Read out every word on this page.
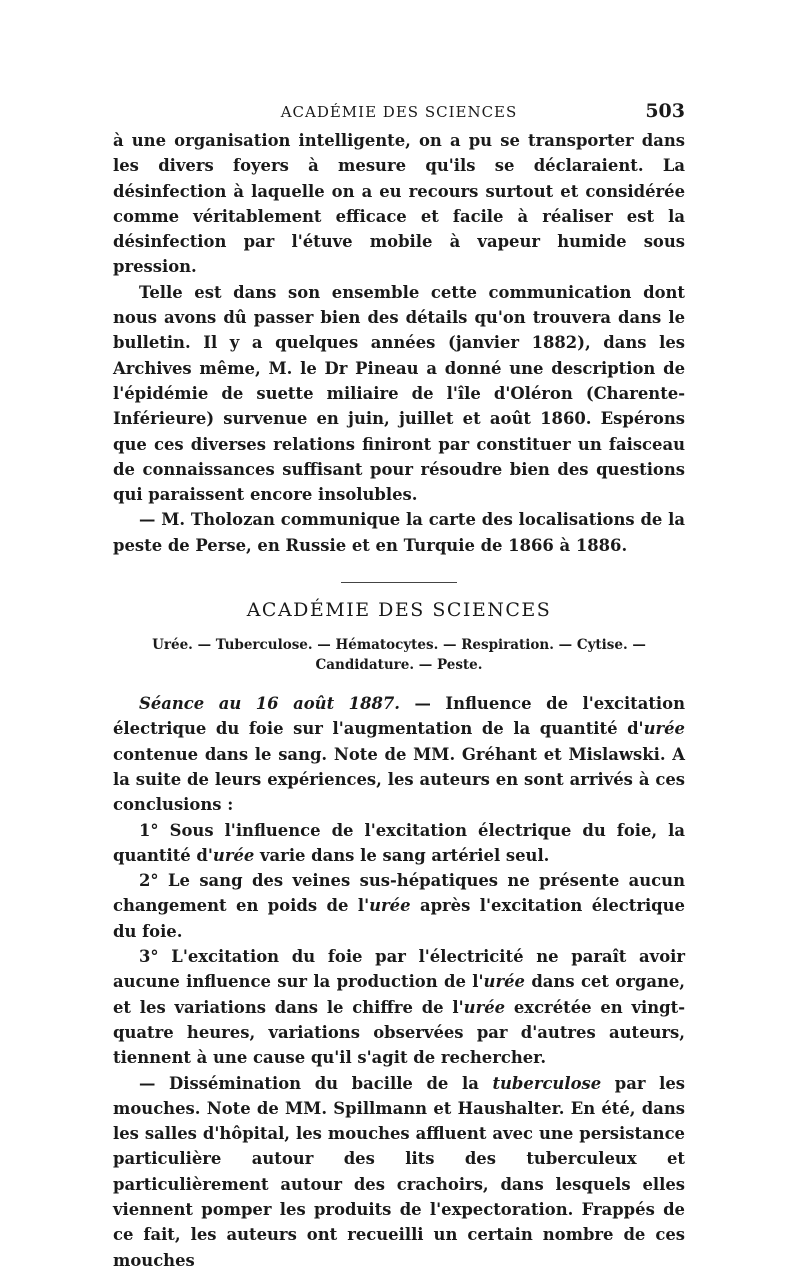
ACADÉMIE DES SCIENCES	503

à une organisation intelligente, on a pu se transporter dans les divers foyers à mesure qu'ils se déclaraient. La désinfection à laquelle on a eu recours surtout et considérée comme véritablement efficace et facile à réaliser est la désinfection par l'étuve mobile à vapeur humide sous pression.

Telle est dans son ensemble cette communication dont nous avons dû passer bien des détails qu'on trouvera dans le bulletin. Il y a quelques années (janvier 1882), dans les Archives même, M. le Dr Pineau a donné une description de l'épidémie de suette miliaire de l'île d'Oléron (Charente-Inférieure) survenue en juin, juillet et août 1860. Espérons que ces diverses relations finiront par constituer un faisceau de connaissances suffisant pour résoudre bien des questions qui paraissent encore insolubles.

— M. Tholozan communique la carte des localisations de la peste de Perse, en Russie et en Turquie de 1866 à 1886.

ACADÉMIE DES SCIENCES

Urée. — Tuberculose. — Hématocytes. — Respiration. — Cytise. — Candidature. — Peste.

Séance au 16 août 1887. — Influence de l'excitation électrique du foie sur l'augmentation de la quantité d'urée contenue dans le sang. Note de MM. Gréhant et Mislawski. A la suite de leurs expériences, les auteurs en sont arrivés à ces conclusions :

1° Sous l'influence de l'excitation électrique du foie, la quantité d'urée varie dans le sang artériel seul.

2° Le sang des veines sus-hépatiques ne présente aucun changement en poids de l'urée après l'excitation électrique du foie.

3° L'excitation du foie par l'électricité ne paraît avoir aucune influence sur la production de l'urée dans cet organe, et les variations dans le chiffre de l'urée excrétée en vingt-quatre heures, variations observées par d'autres auteurs, tiennent à une cause qu'il s'agit de rechercher.

— Dissémination du bacille de la tuberculose par les mouches. Note de MM. Spillmann et Haushalter. En été, dans les salles d'hôpital, les mouches affluent avec une persistance particulière autour des lits des tuberculeux et particulièrement autour des crachoirs, dans lesquels elles viennent pomper les produits de l'expectoration. Frappés de ce fait, les auteurs ont recueilli un certain nombre de ces mouches
